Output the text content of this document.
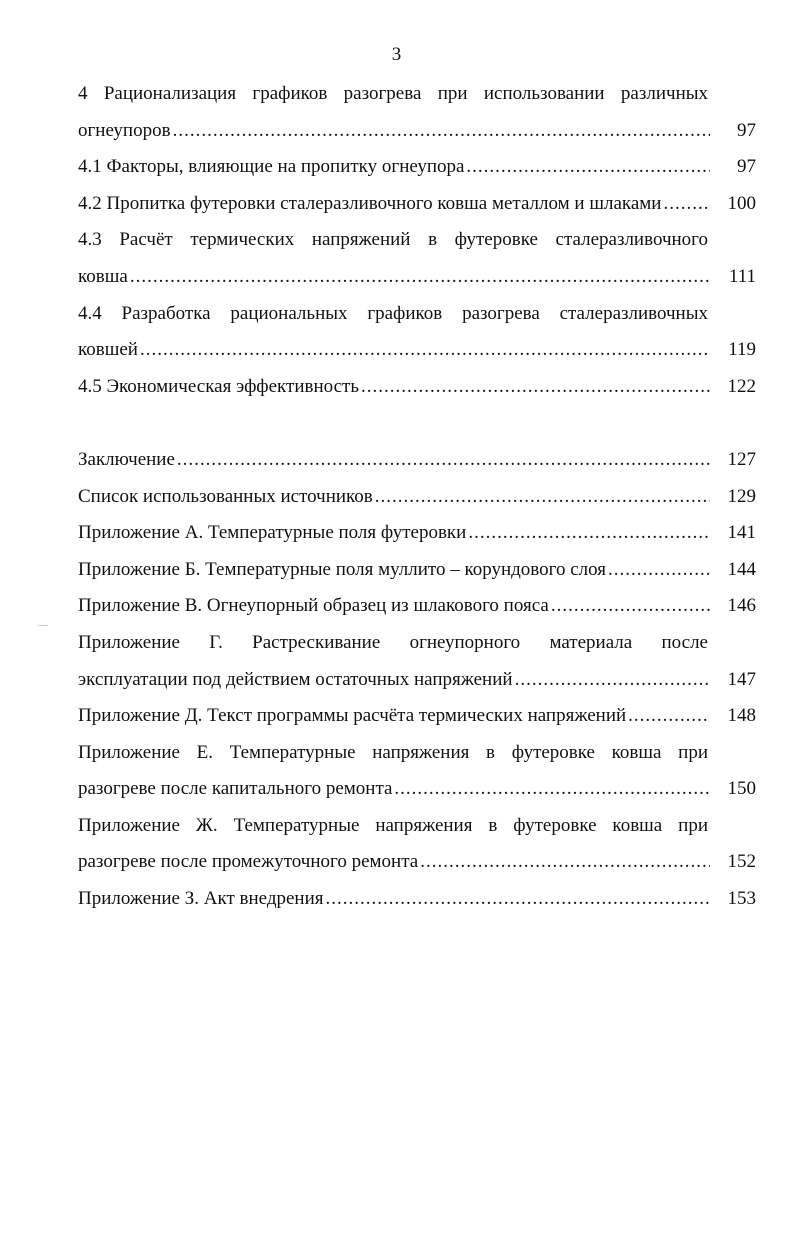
3
4 Рационализация графиков разогрева при использовании различных
огнеупоров .....	97
4.1 Факторы, влияющие на пропитку огнеупора .....	97
4.2 Пропитка футеровки сталеразливочного ковша металлом и шлаками .....	100
4.3 Расчёт термических напряжений в футеровке сталеразливочного
ковша .....	111
4.4 Разработка рациональных графиков разогрева сталеразливочных
ковшей .....	119
4.5 Экономическая эффективность .....	122
Заключение .....	127
Список использованных источников .....	129
Приложение А. Температурные поля футеровки .....	141
Приложение Б. Температурные поля муллито – корундового слоя .....	144
Приложение В. Огнеупорный образец из шлакового пояса .....	146
Приложение Г. Растрескивание огнеупорного материала после
эксплуатации под действием остаточных напряжений .....	147
Приложение Д. Текст программы расчёта термических напряжений .....	148
Приложение Е. Температурные напряжения в футеровке ковша при
разогреве после капитального ремонта .....	150
Приложение Ж. Температурные напряжения в футеровке ковша при
разогреве после промежуточного ремонта .....	152
Приложение З. Акт внедрения .....	153
